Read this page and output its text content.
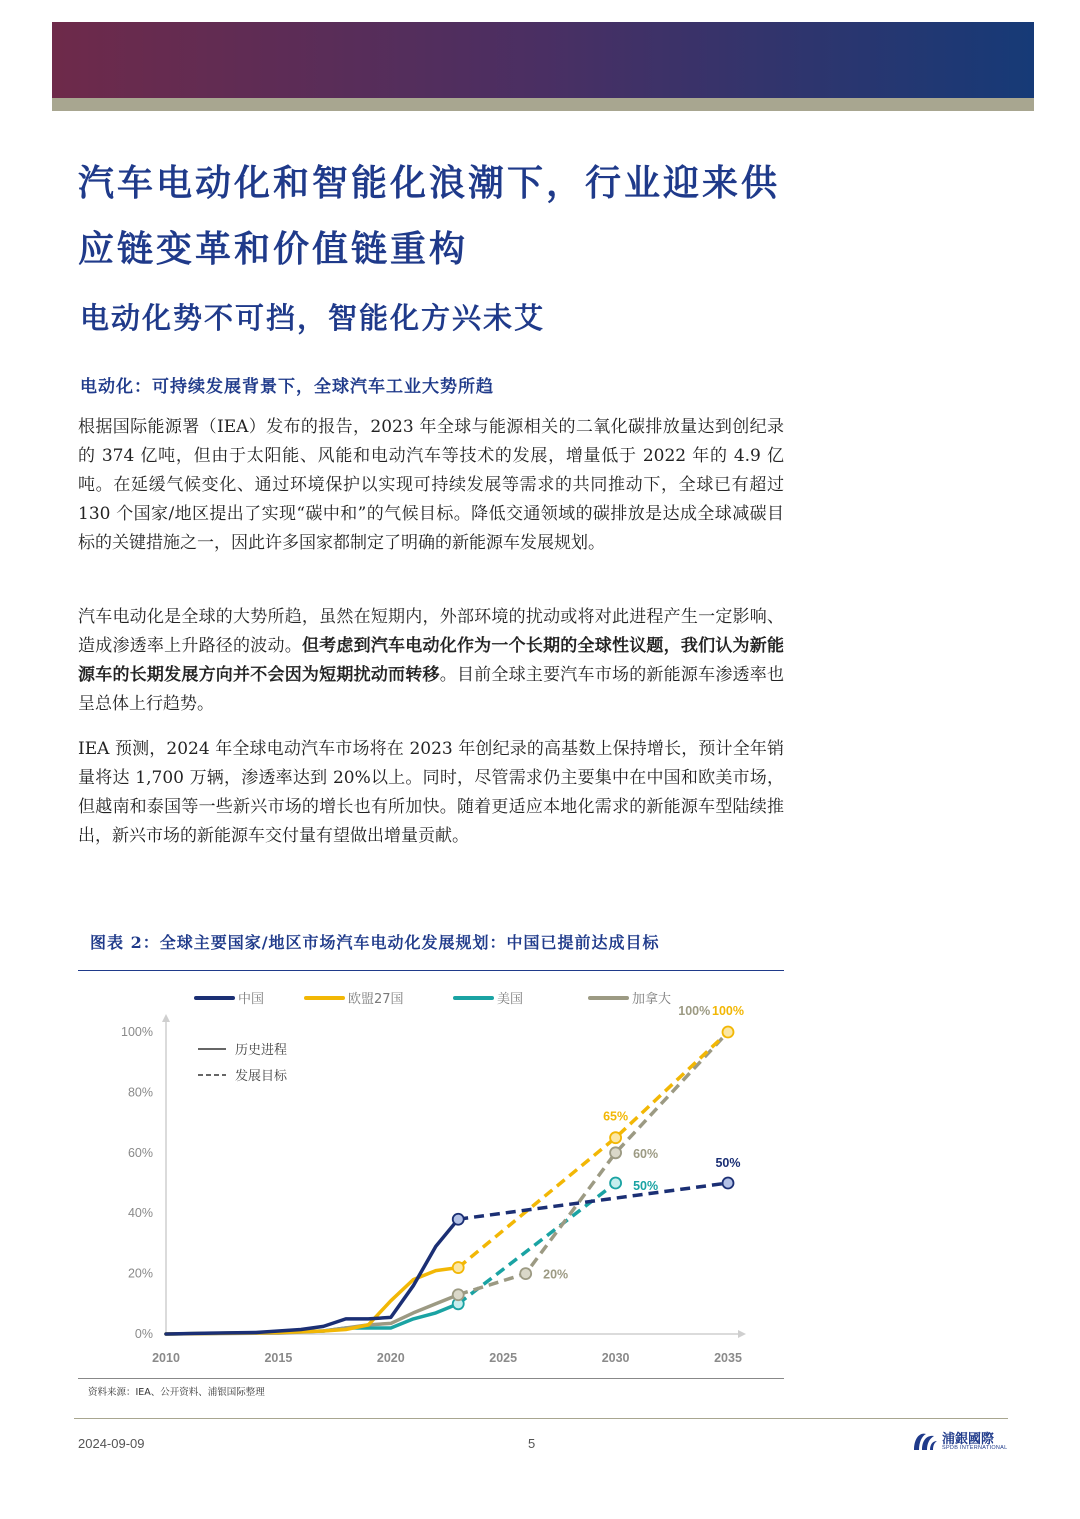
汽车电动化和智能化浪潮下，行业迎来供应链变革和价值链重构
电动化势不可挡，智能化方兴未艾
电动化：可持续发展背景下，全球汽车工业大势所趋

根据国际能源署（IEA）发布的报告，2023 年全球与能源相关的二氧化碳排放量达到创纪录的 374 亿吨，但由于太阳能、风能和电动汽车等技术的发展，增量低于 2022 年的 4.9 亿吨。在延缓气候变化、通过环境保护以实现可持续发展等需求的共同推动下，全球已有超过 130 个国家/地区提出了实现“碳中和”的气候目标。降低交通领域的碳排放是达成全球减碳目标的关键措施之一，因此许多国家都制定了明确的新能源车发展规划。

汽车电动化是全球的大势所趋，虽然在短期内，外部环境的扰动或将对此进程产生一定影响、造成渗透率上升路径的波动。但考虑到汽车电动化作为一个长期的全球性议题，我们认为新能源车的长期发展方向并不会因为短期扰动而转移。目前全球主要汽车市场的新能源车渗透率也呈总体上行趋势。

IEA 预测，2024 年全球电动汽车市场将在 2023 年创纪录的高基数上保持增长，预计全年销量将达 1,700 万辆，渗透率达到 20%以上。同时，尽管需求仍主要集中在中国和欧美市场，但越南和泰国等一些新兴市场的增长也有所加快。随着更适应本地化需求的新能源车型陆续推出，新兴市场的新能源车交付量有望做出增量贡献。

图表 2：全球主要国家/地区市场汽车电动化发展规划：中国已提前达成目标
0%
20%
40%
60%
80%
100%
2010	2015	2020	2025	2030	2035
中国	欧盟27国	美国	加拿大
历史进程
发展目标
50%
65%
100%
50%
20%
60%
100%
资料来源：IEA、公开资料、浦银国际整理
2024-09-09	5	浦銀國際
SPDB INTERNATIONAL
